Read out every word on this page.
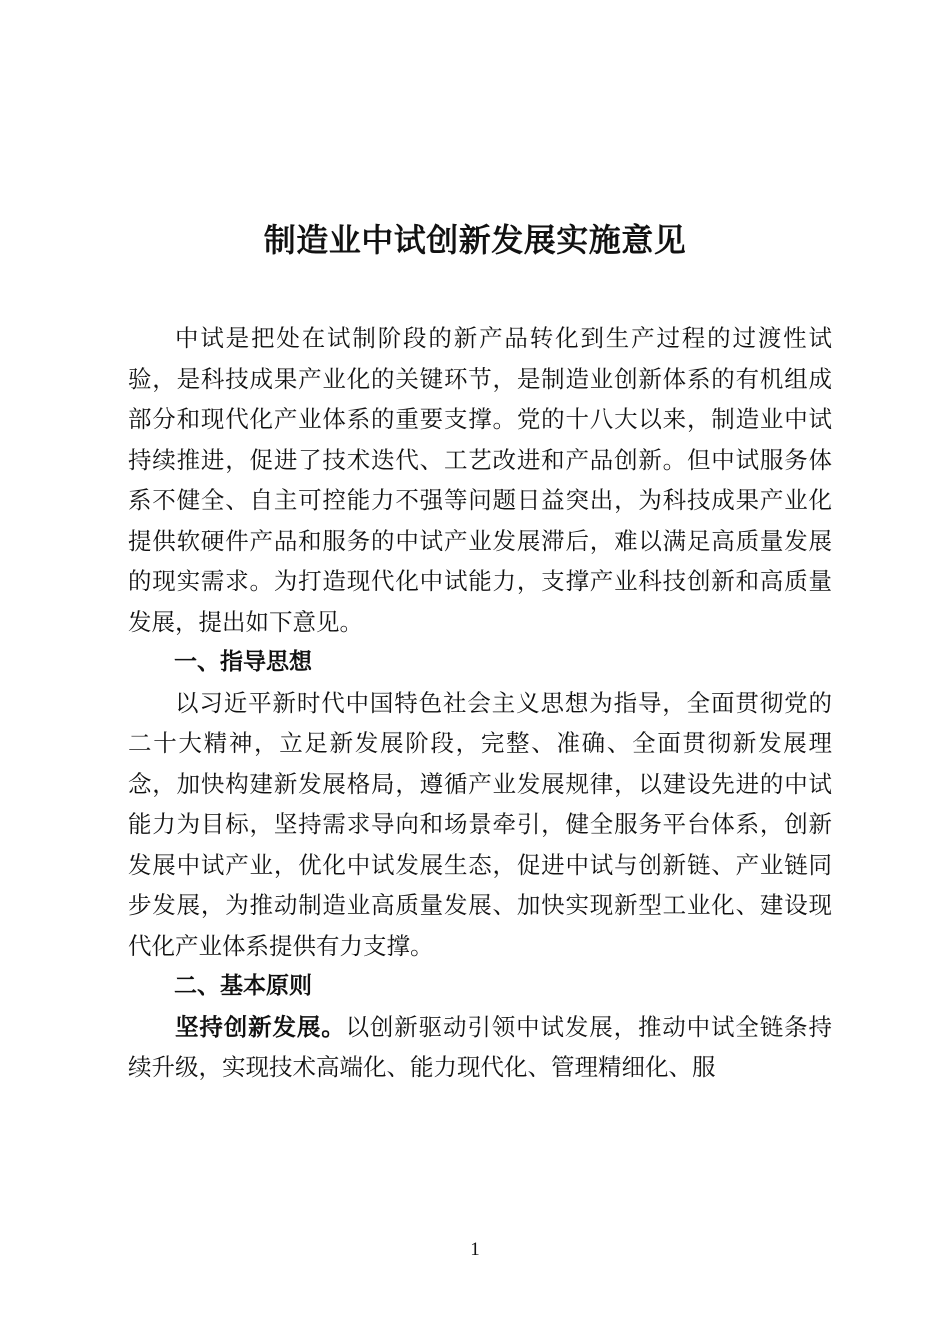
制造业中试创新发展实施意见

中试是把处在试制阶段的新产品转化到生产过程的过渡性试验，是科技成果产业化的关键环节，是制造业创新体系的有机组成部分和现代化产业体系的重要支撑。党的十八大以来，制造业中试持续推进，促进了技术迭代、工艺改进和产品创新。但中试服务体系不健全、自主可控能力不强等问题日益突出，为科技成果产业化提供软硬件产品和服务的中试产业发展滞后，难以满足高质量发展的现实需求。为打造现代化中试能力，支撑产业科技创新和高质量发展，提出如下意见。

一、指导思想

以习近平新时代中国特色社会主义思想为指导，全面贯彻党的二十大精神，立足新发展阶段，完整、准确、全面贯彻新发展理念，加快构建新发展格局，遵循产业发展规律，以建设先进的中试能力为目标，坚持需求导向和场景牵引，健全服务平台体系，创新发展中试产业，优化中试发展生态，促进中试与创新链、产业链同步发展，为推动制造业高质量发展、加快实现新型工业化、建设现代化产业体系提供有力支撑。

二、基本原则

坚持创新发展。以创新驱动引领中试发展，推动中试全链条持续升级，实现技术高端化、能力现代化、管理精细化、服

1
